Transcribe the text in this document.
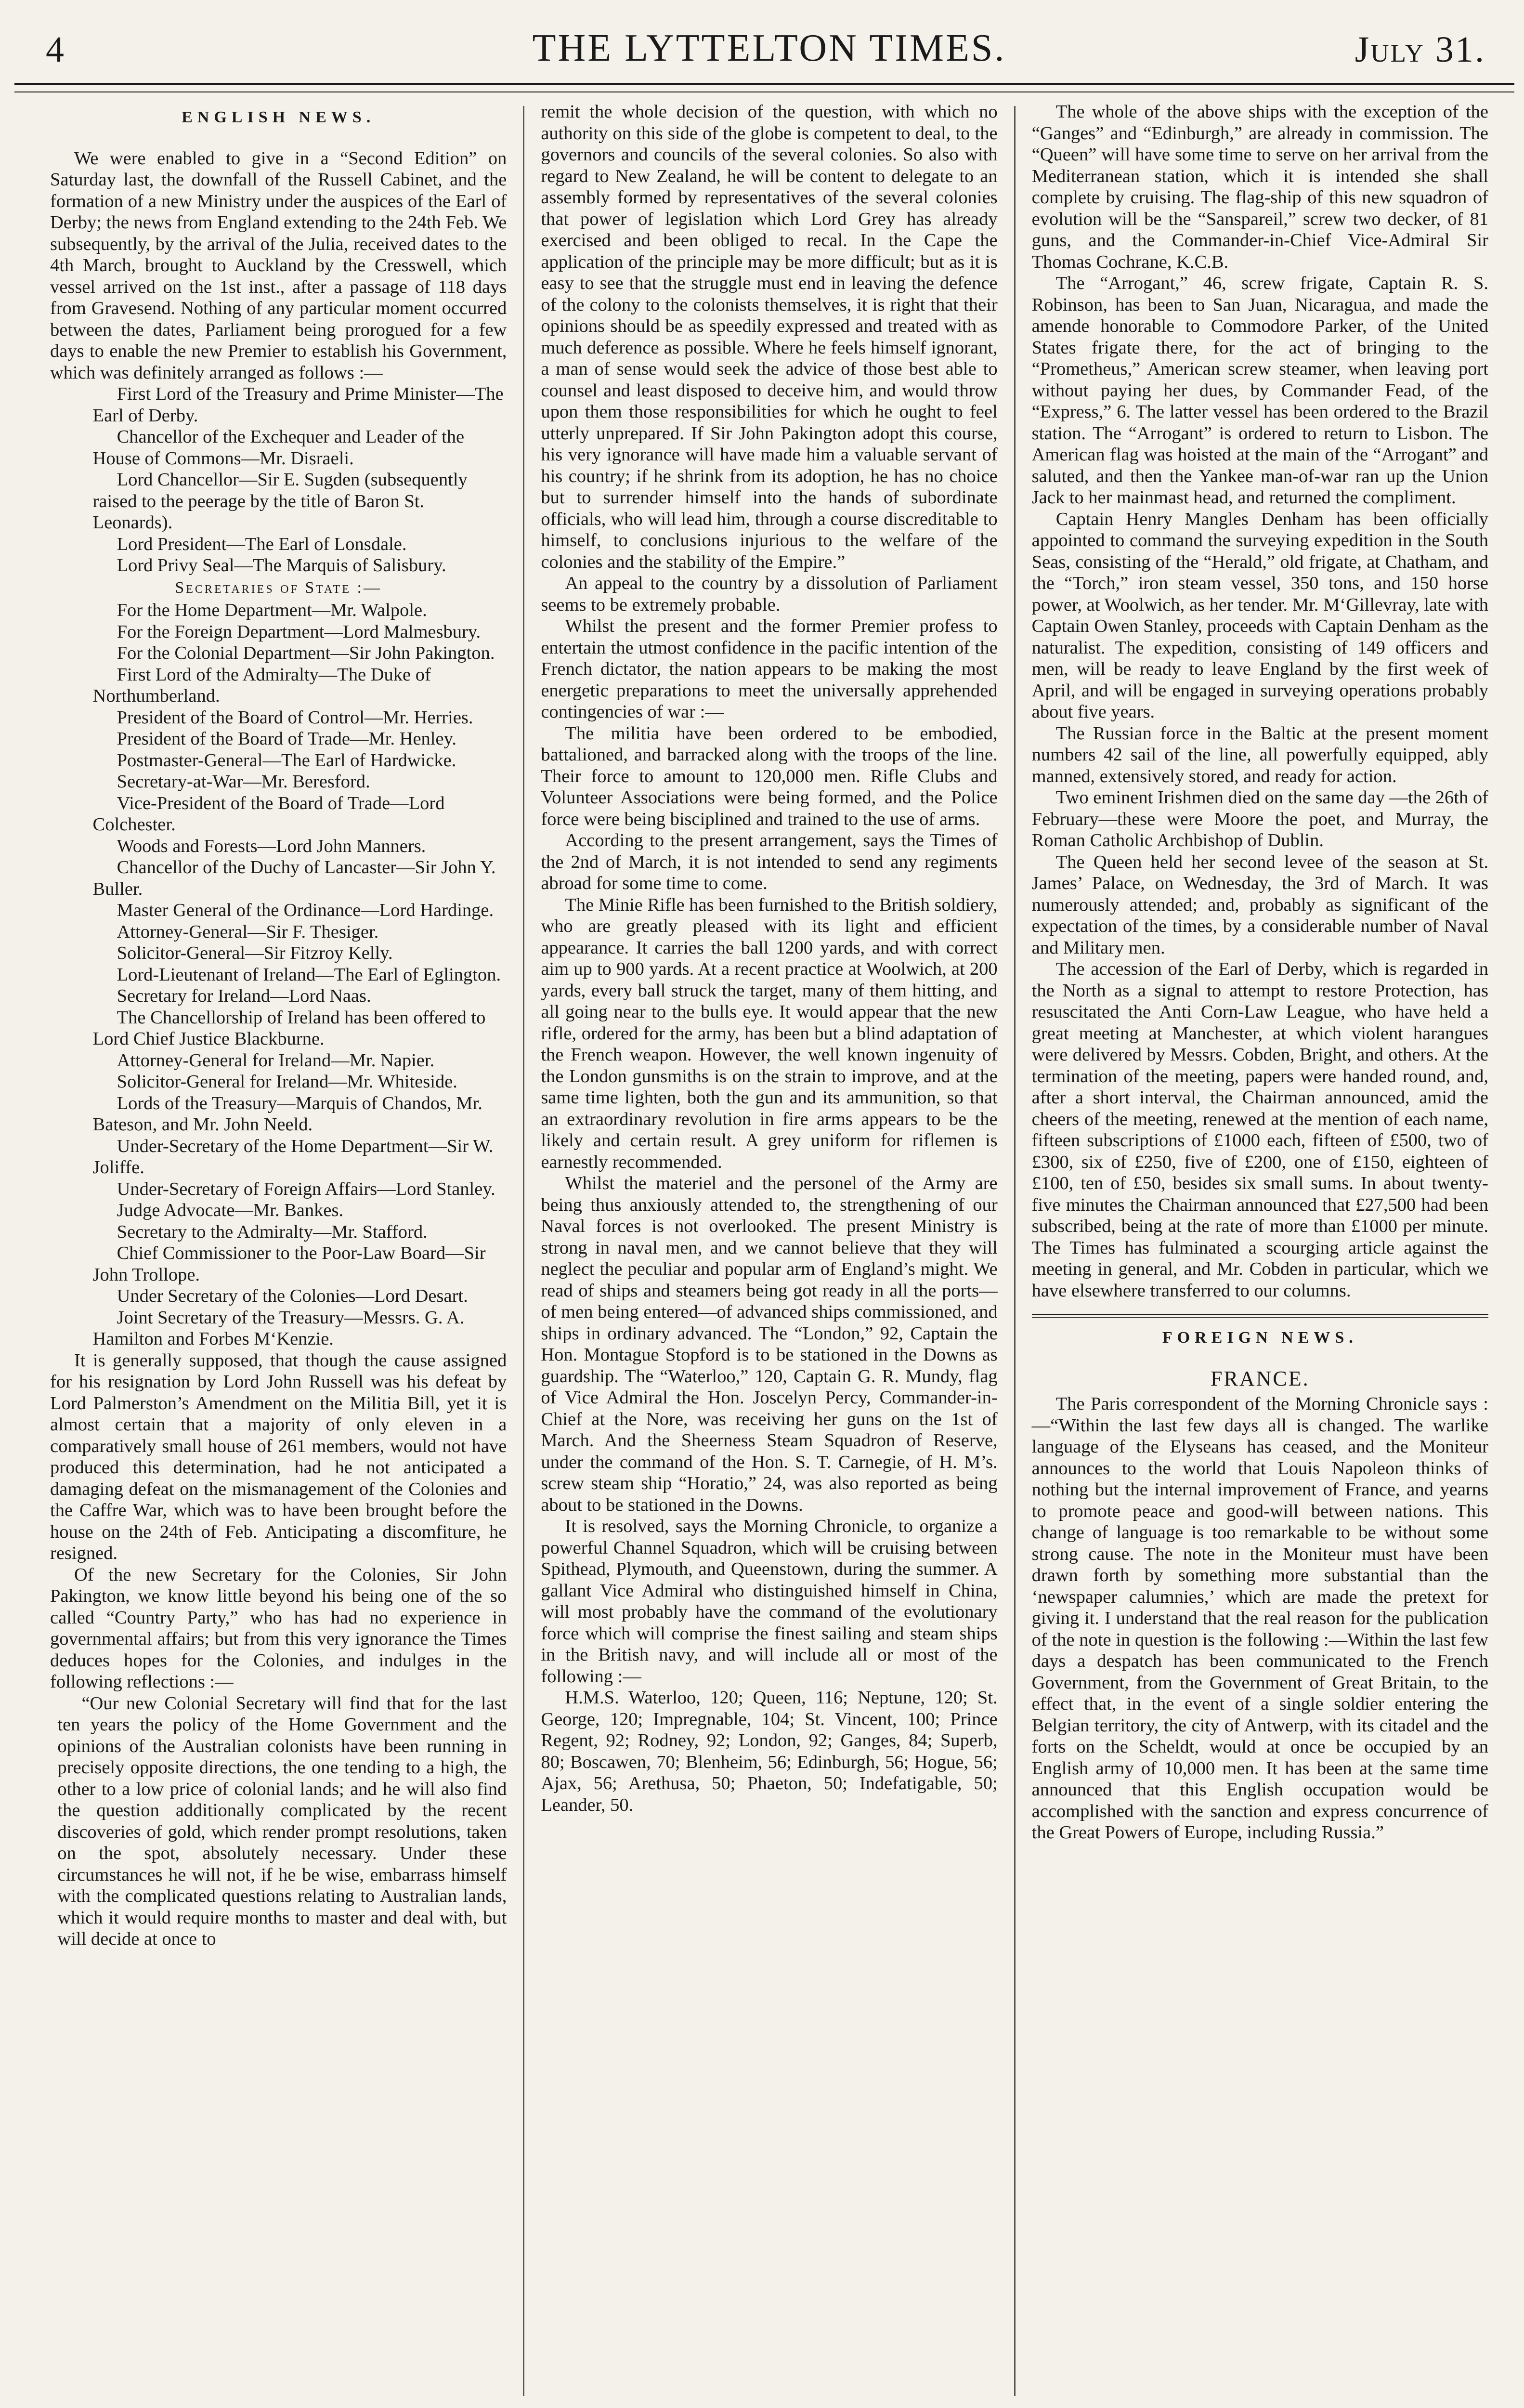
4	THE LYTTELTON TIMES.	July 31.
ENGLISH NEWS.

We were enabled to give in a “Second Edition” on Saturday last, the downfall of the Russell Cabinet, and the formation of a new Ministry under the auspices of the Earl of Derby; the news from England extending to the 24th Feb. We subsequently, by the arrival of the Julia, received dates to the 4th March, brought to Auckland by the Cresswell, which vessel arrived on the 1st inst., after a passage of 118 days from Gravesend. Nothing of any particular moment occurred between the dates, Parliament being prorogued for a few days to enable the new Premier to establish his Government, which was definitely arranged as follows :—

First Lord of the Treasury and Prime Minister—The Earl of Derby.

Chancellor of the Exchequer and Leader of the House of Commons—Mr. Disraeli.

Lord Chancellor—Sir E. Sugden (subsequently raised to the peerage by the title of Baron St. Leonards).

Lord President—The Earl of Lonsdale.

Lord Privy Seal—The Marquis of Salisbury.

Secretaries of State :—

For the Home Department—Mr. Walpole.

For the Foreign Department—Lord Malmesbury.

For the Colonial Department—Sir John Pakington.

First Lord of the Admiralty—The Duke of Northumberland.

President of the Board of Control—Mr. Herries.

President of the Board of Trade—Mr. Henley.

Postmaster-General—The Earl of Hardwicke.

Secretary-at-War—Mr. Beresford.

Vice-President of the Board of Trade—Lord Colchester.

Woods and Forests—Lord John Manners.

Chancellor of the Duchy of Lancaster—Sir John Y. Buller.

Master General of the Ordinance—Lord Hardinge.

Attorney-General—Sir F. Thesiger.

Solicitor-General—Sir Fitzroy Kelly.

Lord-Lieutenant of Ireland—The Earl of Eglington.

Secretary for Ireland—Lord Naas.

The Chancellorship of Ireland has been offered to Lord Chief Justice Blackburne.

Attorney-General for Ireland—Mr. Napier.

Solicitor-General for Ireland—Mr. Whiteside.

Lords of the Treasury—Marquis of Chandos, Mr. Bateson, and Mr. John Neeld.

Under-Secretary of the Home Department—Sir W. Joliffe.

Under-Secretary of Foreign Affairs—Lord Stanley.

Judge Advocate—Mr. Bankes.

Secretary to the Admiralty—Mr. Stafford.

Chief Commissioner to the Poor-Law Board—Sir John Trollope.

Under Secretary of the Colonies—Lord Desart.

Joint Secretary of the Treasury—Messrs. G. A. Hamilton and Forbes M‘Kenzie.

It is generally supposed, that though the cause assigned for his resignation by Lord John Russell was his defeat by Lord Palmerston’s Amendment on the Militia Bill, yet it is almost certain that a majority of only eleven in a comparatively small house of 261 members, would not have produced this determination, had he not anticipated a damaging defeat on the mismanagement of the Colonies and the Caffre War, which was to have been brought before the house on the 24th of Feb. Anticipating a discomfiture, he resigned.

Of the new Secretary for the Colonies, Sir John Pakington, we know little beyond his being one of the so called “Country Party,” who has had no experience in governmental affairs; but from this very ignorance the Times deduces hopes for the Colonies, and indulges in the following reflections :—

“Our new Colonial Secretary will find that for the last ten years the policy of the Home Government and the opinions of the Australian colonists have been running in precisely opposite directions, the one tending to a high, the other to a low price of colonial lands; and he will also find the question additionally complicated by the recent discoveries of gold, which render prompt resolutions, taken on the spot, absolutely necessary. Under these circumstances he will not, if he be wise, embarrass himself with the complicated questions relating to Australian lands, which it would require months to master and deal with, but will decide at once to

remit the whole decision of the question, with which no authority on this side of the globe is competent to deal, to the governors and councils of the several colonies. So also with regard to New Zealand, he will be content to delegate to an assembly formed by representatives of the several colonies that power of legislation which Lord Grey has already exercised and been obliged to recal. In the Cape the application of the principle may be more difficult; but as it is easy to see that the struggle must end in leaving the defence of the colony to the colonists themselves, it is right that their opinions should be as speedily expressed and treated with as much deference as possible. Where he feels himself ignorant, a man of sense would seek the advice of those best able to counsel and least disposed to deceive him, and would throw upon them those responsibilities for which he ought to feel utterly unprepared. If Sir John Pakington adopt this course, his very ignorance will have made him a valuable servant of his country; if he shrink from its adoption, he has no choice but to surrender himself into the hands of subordinate officials, who will lead him, through a course discreditable to himself, to conclusions injurious to the welfare of the colonies and the stability of the Empire.”

An appeal to the country by a dissolution of Parliament seems to be extremely probable.

Whilst the present and the former Premier profess to entertain the utmost confidence in the pacific intention of the French dictator, the nation appears to be making the most energetic preparations to meet the universally apprehended contingencies of war :—

The militia have been ordered to be embodied, battalioned, and barracked along with the troops of the line. Their force to amount to 120,000 men. Rifle Clubs and Volunteer Associations were being formed, and the Police force were being bisciplined and trained to the use of arms.

According to the present arrangement, says the Times of the 2nd of March, it is not intended to send any regiments abroad for some time to come.

The Minie Rifle has been furnished to the British soldiery, who are greatly pleased with its light and efficient appearance. It carries the ball 1200 yards, and with correct aim up to 900 yards. At a recent practice at Woolwich, at 200 yards, every ball struck the target, many of them hitting, and all going near to the bulls eye. It would appear that the new rifle, ordered for the army, has been but a blind adaptation of the French weapon. However, the well known ingenuity of the London gunsmiths is on the strain to improve, and at the same time lighten, both the gun and its ammunition, so that an extraordinary revolution in fire arms appears to be the likely and certain result. A grey uniform for riflemen is earnestly recommended.

Whilst the materiel and the personel of the Army are being thus anxiously attended to, the strengthening of our Naval forces is not overlooked. The present Ministry is strong in naval men, and we cannot believe that they will neglect the peculiar and popular arm of England’s might. We read of ships and steamers being got ready in all the ports—of men being entered—of advanced ships commissioned, and ships in ordinary advanced. The “London,” 92, Captain the Hon. Montague Stopford is to be stationed in the Downs as guardship. The “Waterloo,” 120, Captain G. R. Mundy, flag of Vice Admiral the Hon. Joscelyn Percy, Commander-in-Chief at the Nore, was receiving her guns on the 1st of March. And the Sheerness Steam Squadron of Reserve, under the command of the Hon. S. T. Carnegie, of H. M’s. screw steam ship “Horatio,” 24, was also reported as being about to be stationed in the Downs.

It is resolved, says the Morning Chronicle, to organize a powerful Channel Squadron, which will be cruising between Spithead, Plymouth, and Queenstown, during the summer. A gallant Vice Admiral who distinguished himself in China, will most probably have the command of the evolutionary force which will comprise the finest sailing and steam ships in the British navy, and will include all or most of the following :—

H.M.S. Waterloo, 120; Queen, 116; Neptune, 120; St. George, 120; Impregnable, 104; St. Vincent, 100; Prince Regent, 92; Rodney, 92; London, 92; Ganges, 84; Superb, 80; Boscawen, 70; Blenheim, 56; Edinburgh, 56; Hogue, 56; Ajax, 56; Arethusa, 50; Phaeton, 50; Indefatigable, 50; Leander, 50.

The whole of the above ships with the exception of the “Ganges” and “Edinburgh,” are already in commission. The “Queen” will have some time to serve on her arrival from the Mediterranean station, which it is intended she shall complete by cruising. The flag-ship of this new squadron of evolution will be the “Sanspareil,” screw two decker, of 81 guns, and the Commander-in-Chief Vice-Admiral Sir Thomas Cochrane, K.C.B.

The “Arrogant,” 46, screw frigate, Captain R. S. Robinson, has been to San Juan, Nicaragua, and made the amende honorable to Commodore Parker, of the United States frigate there, for the act of bringing to the “Prometheus,” American screw steamer, when leaving port without paying her dues, by Commander Fead, of the “Express,” 6. The latter vessel has been ordered to the Brazil station. The “Arrogant” is ordered to return to Lisbon. The American flag was hoisted at the main of the “Arrogant” and saluted, and then the Yankee man-of-war ran up the Union Jack to her mainmast head, and returned the compliment.

Captain Henry Mangles Denham has been officially appointed to command the surveying expedition in the South Seas, consisting of the “Herald,” old frigate, at Chatham, and the “Torch,” iron steam vessel, 350 tons, and 150 horse power, at Woolwich, as her tender. Mr. M‘Gillevray, late with Captain Owen Stanley, proceeds with Captain Denham as the naturalist. The expedition, consisting of 149 officers and men, will be ready to leave England by the first week of April, and will be engaged in surveying operations probably about five years.

The Russian force in the Baltic at the present moment numbers 42 sail of the line, all powerfully equipped, ably manned, extensively stored, and ready for action.

Two eminent Irishmen died on the same day —the 26th of February—these were Moore the poet, and Murray, the Roman Catholic Archbishop of Dublin.

The Queen held her second levee of the season at St. James’ Palace, on Wednesday, the 3rd of March. It was numerously attended; and, probably as significant of the expectation of the times, by a considerable number of Naval and Military men.

The accession of the Earl of Derby, which is regarded in the North as a signal to attempt to restore Protection, has resuscitated the Anti Corn-Law League, who have held a great meeting at Manchester, at which violent harangues were delivered by Messrs. Cobden, Bright, and others. At the termination of the meeting, papers were handed round, and, after a short interval, the Chairman announced, amid the cheers of the meeting, renewed at the mention of each name, fifteen subscriptions of £1000 each, fifteen of £500, two of £300, six of £250, five of £200, one of £150, eighteen of £100, ten of £50, besides six small sums. In about twenty-five minutes the Chairman announced that £27,500 had been subscribed, being at the rate of more than £1000 per minute. The Times has fulminated a scourging article against the meeting in general, and Mr. Cobden in particular, which we have elsewhere transferred to our columns.

FOREIGN NEWS.
FRANCE.

The Paris correspondent of the Morning Chronicle says :—“Within the last few days all is changed. The warlike language of the Elyseans has ceased, and the Moniteur announces to the world that Louis Napoleon thinks of nothing but the internal improvement of France, and yearns to promote peace and good-will between nations. This change of language is too remarkable to be without some strong cause. The note in the Moniteur must have been drawn forth by something more substantial than the ‘newspaper calumnies,’ which are made the pretext for giving it. I understand that the real reason for the publication of the note in question is the following :—Within the last few days a despatch has been communicated to the French Government, from the Government of Great Britain, to the effect that, in the event of a single soldier entering the Belgian territory, the city of Antwerp, with its citadel and the forts on the Scheldt, would at once be occupied by an English army of 10,000 men. It has been at the same time announced that this English occupation would be accomplished with the sanction and express concurrence of the Great Powers of Europe, including Russia.”
